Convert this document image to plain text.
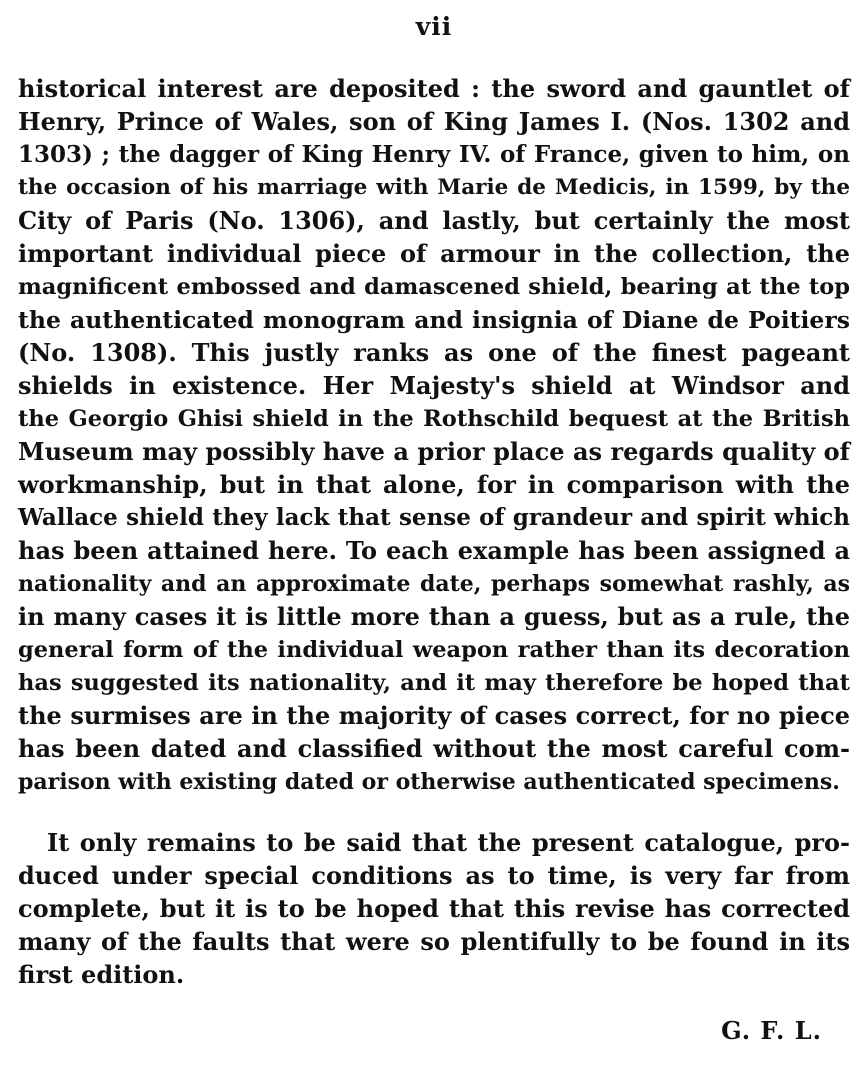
vii
historical interest are deposited : the sword and gauntlet of
Henry, Prince of Wales, son of King James I. (Nos. 1302 and
1303) ; the dagger of King Henry IV. of France, given to him, on
the occasion of his marriage with Marie de Medicis, in 1599, by the
City of Paris (No. 1306), and lastly, but certainly the most
important individual piece of armour in the collection, the
magnificent embossed and damascened shield, bearing at the top
the authenticated monogram and insignia of Diane de Poitiers
(No. 1308). This justly ranks as one of the finest pageant
shields in existence. Her Majesty's shield at Windsor and
the Georgio Ghisi shield in the Rothschild bequest at the British
Museum may possibly have a prior place as regards quality of
workmanship, but in that alone, for in comparison with the
Wallace shield they lack that sense of grandeur and spirit which
has been attained here. To each example has been assigned a
nationality and an approximate date, perhaps somewhat rashly, as
in many cases it is little more than a guess, but as a rule, the
general form of the individual weapon rather than its decoration
has suggested its nationality, and it may therefore be hoped that
the surmises are in the majority of cases correct, for no piece
has been dated and classified without the most careful com-
parison with existing dated or otherwise authenticated specimens.
It only remains to be said that the present catalogue, pro-
duced under special conditions as to time, is very far from
complete, but it is to be hoped that this revise has corrected
many of the faults that were so plentifully to be found in its
first edition.
G. F. L.
